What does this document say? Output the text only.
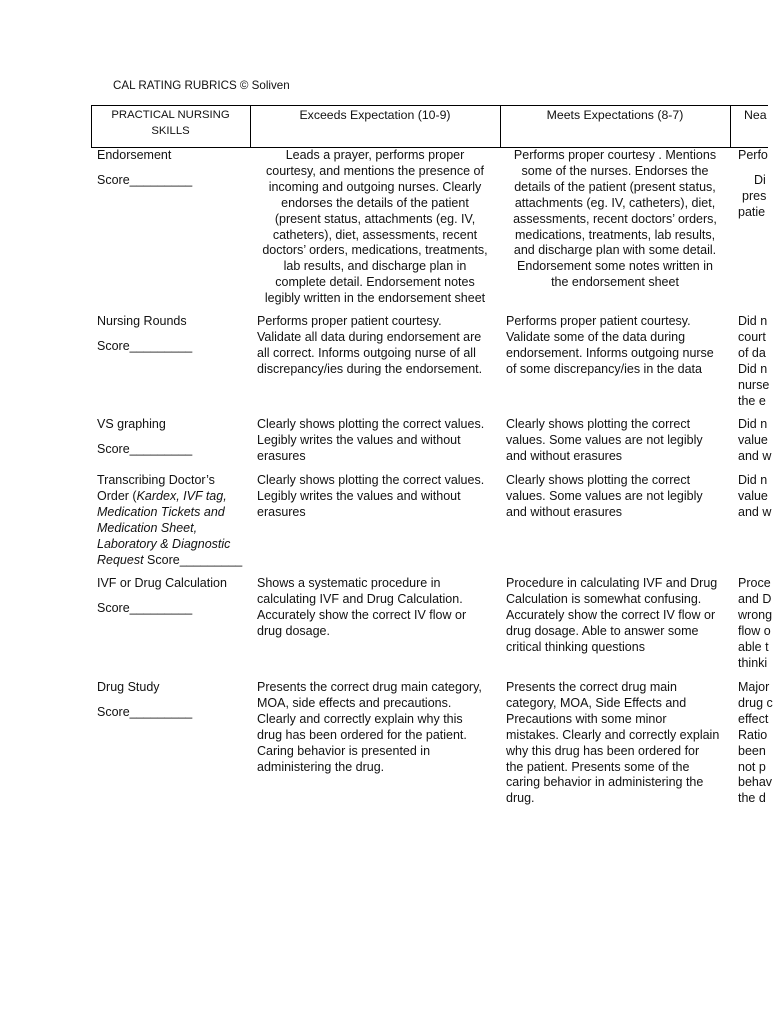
CAL RATING RUBRICS © Soliven
PRACTICAL NURSING
SKILLS
Exceeds Expectation (10-9)	Meets Expectations (8-7)	Nea
Endorsement
Score_________
Leads a prayer, performs proper
courtesy, and mentions the presence of
incoming and outgoing nurses. Clearly
endorses the details of the patient
(present status, attachments (eg. IV,
catheters), diet, assessments, recent
doctors’ orders, medications, treatments,
lab results, and discharge plan in
complete detail. Endorsement notes
legibly written in the endorsement sheet
Performs proper courtesy . Mentions
some of the nurses. Endorses the
details of the patient (present status,
attachments (eg. IV, catheters), diet,
assessments, recent doctors’ orders,
medications, treatments, lab results,
and discharge plan with some detail.
Endorsement some notes written in
the endorsement sheet
Perfo
Di
pres
patie
Nursing Rounds
Score_________
Performs proper patient courtesy.
Validate all data during endorsement are
all correct. Informs outgoing nurse of all
discrepancy/ies during the endorsement.
Performs proper patient courtesy.
Validate some of the data during
endorsement. Informs outgoing nurse
of some discrepancy/ies in the data
Did n
court
of da
Did n
nurse
the e
VS graphing
Score_________
Clearly shows plotting the correct values.
Legibly writes the values and without
erasures
Clearly shows plotting the correct
values. Some values are not legibly
and without erasures
Did n
value
and w
Transcribing Doctor’s
Order (Kardex, IVF tag,
Medication Tickets and
Medication Sheet,
Laboratory & Diagnostic
Request Score_________
Clearly shows plotting the correct values.
Legibly writes the values and without
erasures
Clearly shows plotting the correct
values. Some values are not legibly
and without erasures
Did n
value
and w
IVF or Drug Calculation
Score_________
Shows a systematic procedure in
calculating IVF and Drug Calculation.
Accurately show the correct IV flow or
drug dosage.
Procedure in calculating IVF and Drug
Calculation is somewhat confusing.
Accurately show the correct IV flow or
drug dosage. Able to answer some
critical thinking questions
Proce
and D
wrong
flow o
able t
thinki
Drug Study
Score_________
Presents the correct drug main category,
MOA, side effects and precautions.
Clearly and correctly explain why this
drug has been ordered for the patient.
Caring behavior is presented in
administering the drug.
Presents the correct drug main
category, MOA, Side Effects and
Precautions with some minor
mistakes. Clearly and correctly explain
why this drug has been ordered for
the patient. Presents some of the
caring behavior in administering the
drug.
Major
drug c
effect
Ratio
been
not p
behav
the d
